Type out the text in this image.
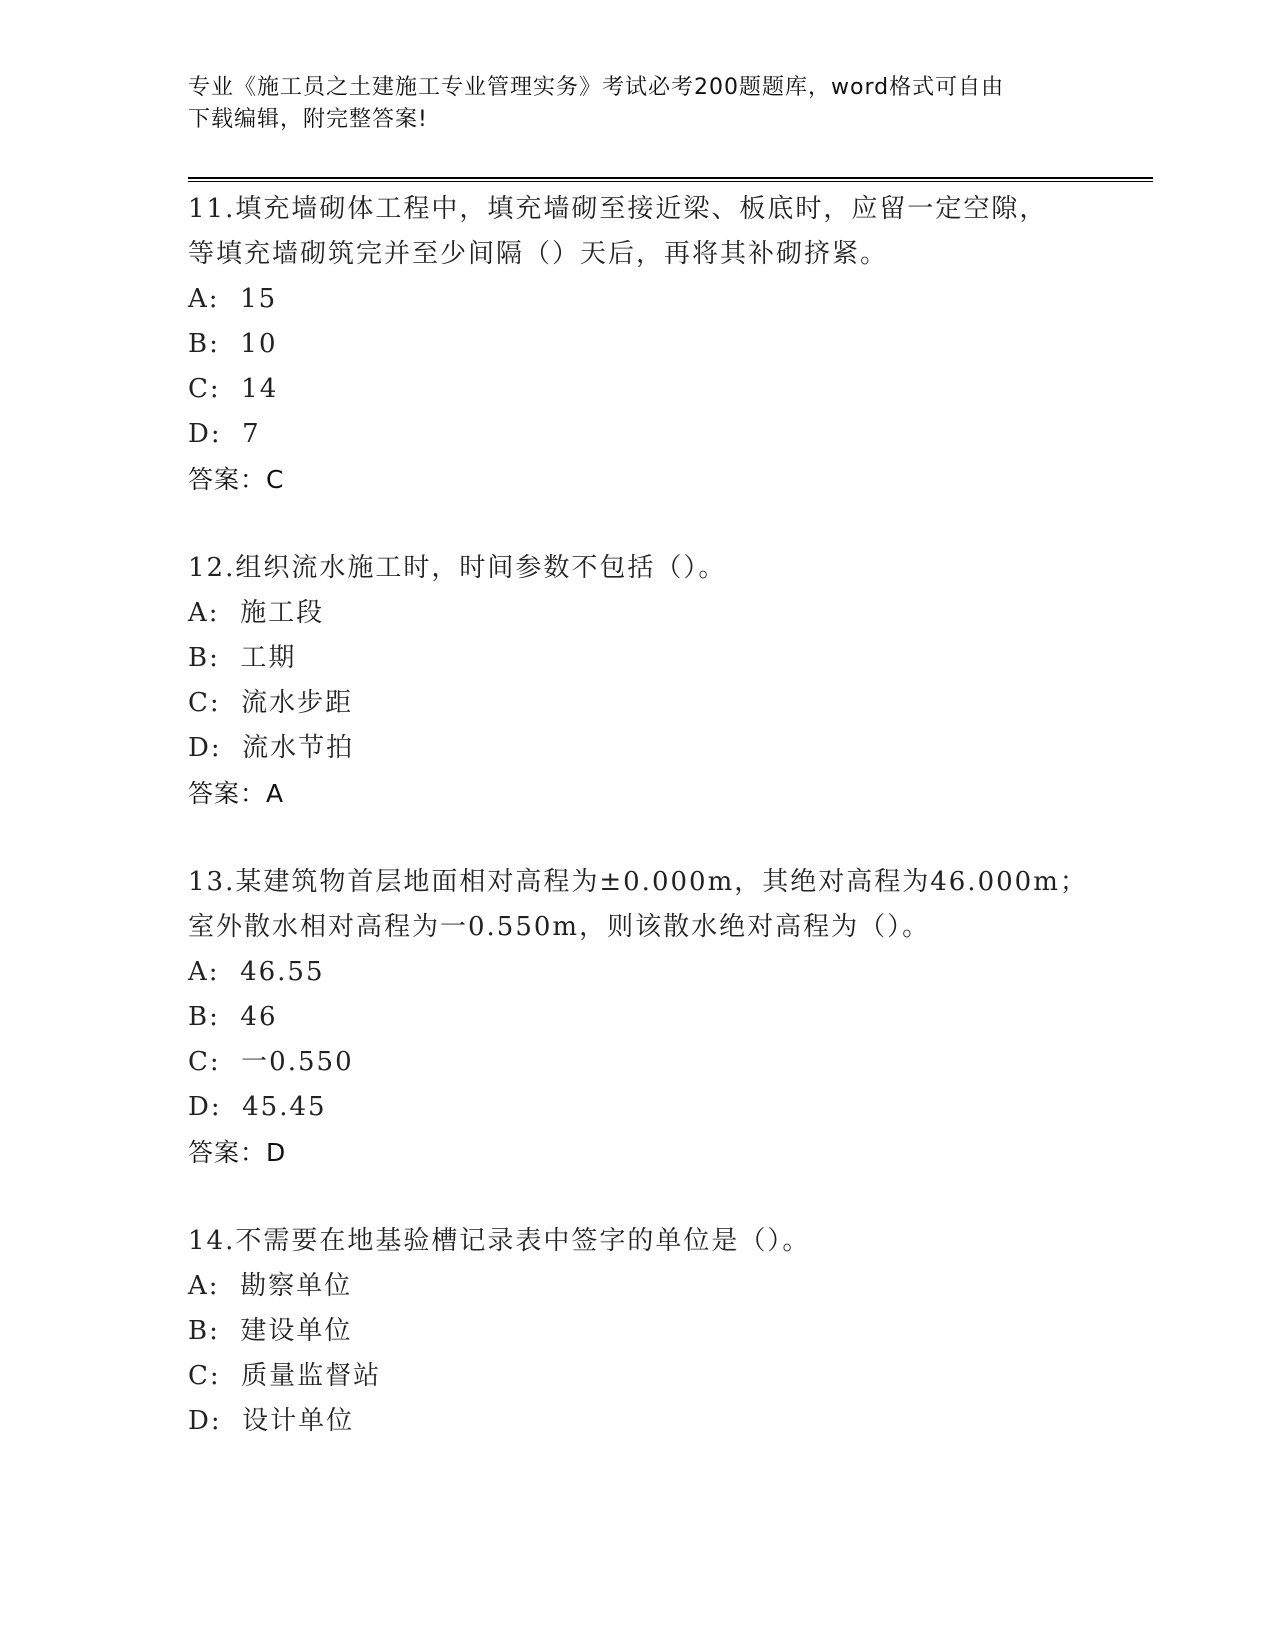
专业《施工员之土建施工专业管理实务》考试必考200题题库，word格式可自由
下载编辑，附完整答案!

11.填充墙砌体工程中，填充墙砌至接近梁、板底时，应留一定空隙，

等填充墙砌筑完并至少间隔（）天后，再将其补砌挤紧。

A:  15

B:  10

C:  14

D:  7

答案：C

12.组织流水施工时，时间参数不包括（）。

A:  施工段

B:  工期

C:  流水步距

D:  流水节拍

答案：A

13.某建筑物首层地面相对高程为±0.000m，其绝对高程为46.000m；

室外散水相对高程为一0.550m，则该散水绝对高程为（）。

A:  46.55

B:  46

C:  一0.550

D:  45.45

答案：D

14.不需要在地基验槽记录表中签字的单位是（）。

A:  勘察单位

B:  建设单位

C:  质量监督站

D:  设计单位
